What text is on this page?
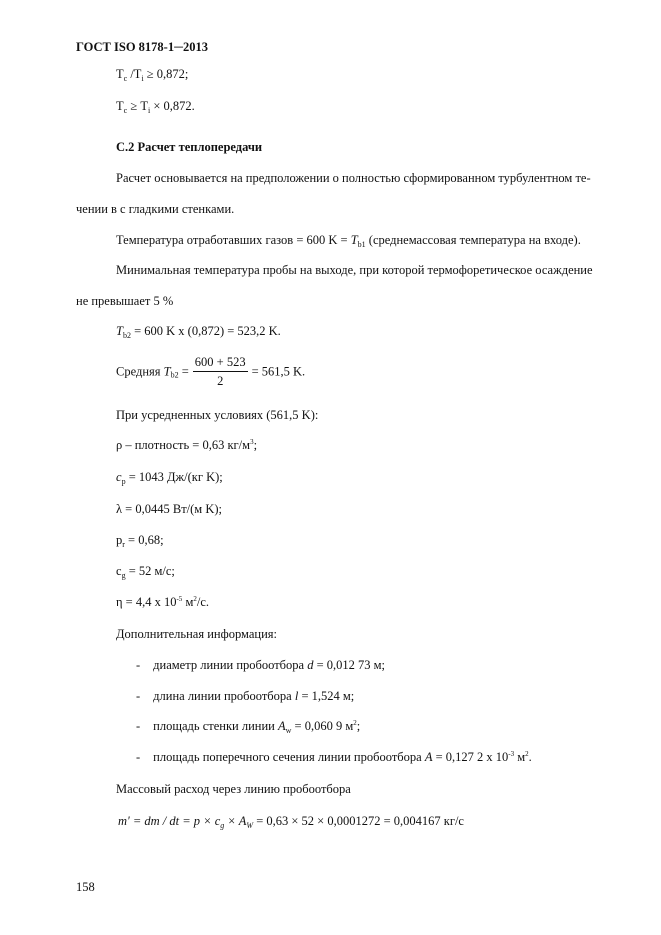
ГОСТ ISO 8178-1─2013
$Т_c$ $/Т_i \ge 0,872$;
$Т_c \ge Т_i \times 0,872$.
С.2 Расчет теплопередачи
Расчет основывается на предположении о полностью сформированном турбулентном те-
чении в с гладкими стенками.
Температура отработавших газов = 600 $K = T_{b1}$ (среднемассовая температура на входе).
Минимальная температура пробы на выходе, при которой термофоретическое осаждение
не превышает 5 %
$T_{b2} = 600$ K x (0,872) = 523,2 K.
Средняя $T_{b2} = \frac{600 + 523}{2} = 561,5$ K.
При усредненных условиях (561,5 K):
ρ – плотность = 0,63 $кг/м^3$;
$c_p = 1043$ Дж/(кг K);
λ = 0,0445 Вт/(м K);
$p_r = 0,68$;
$c_g = 52$ м/с;
η = 4,4 x $10^{-5}$ $м^2/с$.
Дополнительная информация:
- диаметр линии пробоотбора d = 0,012 73 м;
- длина линии пробоотбора l = 1,524 м;
- площадь стенки линии $A_w = 0,060$ 9 $м^2$;
- площадь поперечного сечения линии пробоотбора A = 0,127 2 x $10^{-3}$ $м^2$.
Массовый расход через линию пробоотбора
m' = dm / dt = $p \times c_g \times A_W = 0,63 \times 52 \times 0,0001272 = 0,004167$ кг/с
158
